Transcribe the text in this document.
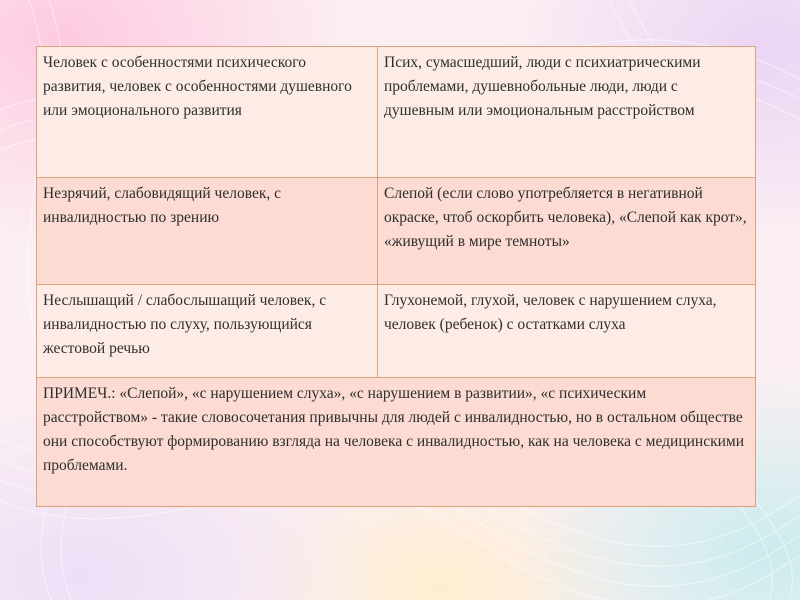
Человек с особенностями психического развития, человек с особенностями душевного или эмоционального развития	Псих, сумасшедший, люди с психиатрическими проблемами, душевнобольные люди, люди с душевным или эмоциональным расстройством
Незрячий, слабовидящий человек, с инвалидностью по зрению	Слепой (если слово употребляется в негативной окраске, чтоб оскорбить человека), «Слепой как крот», «живущий в мире темноты»
Неслышащий / слабослышащий человек, с инвалидностью по слуху, пользующийся жестовой речью	Глухонемой, глухой, человек с нарушением слуха, человек (ребенок) с остатками слуха
ПРИМЕЧ.: «Слепой», «с нарушением слуха», «с нарушением в развитии», «с психическим расстройством» - такие словосочетания привычны для людей с инвалидностью, но в остальном обществе они способствуют формированию взгляда на человека с инвалидностью, как на человека с медицинскими проблемами.	
